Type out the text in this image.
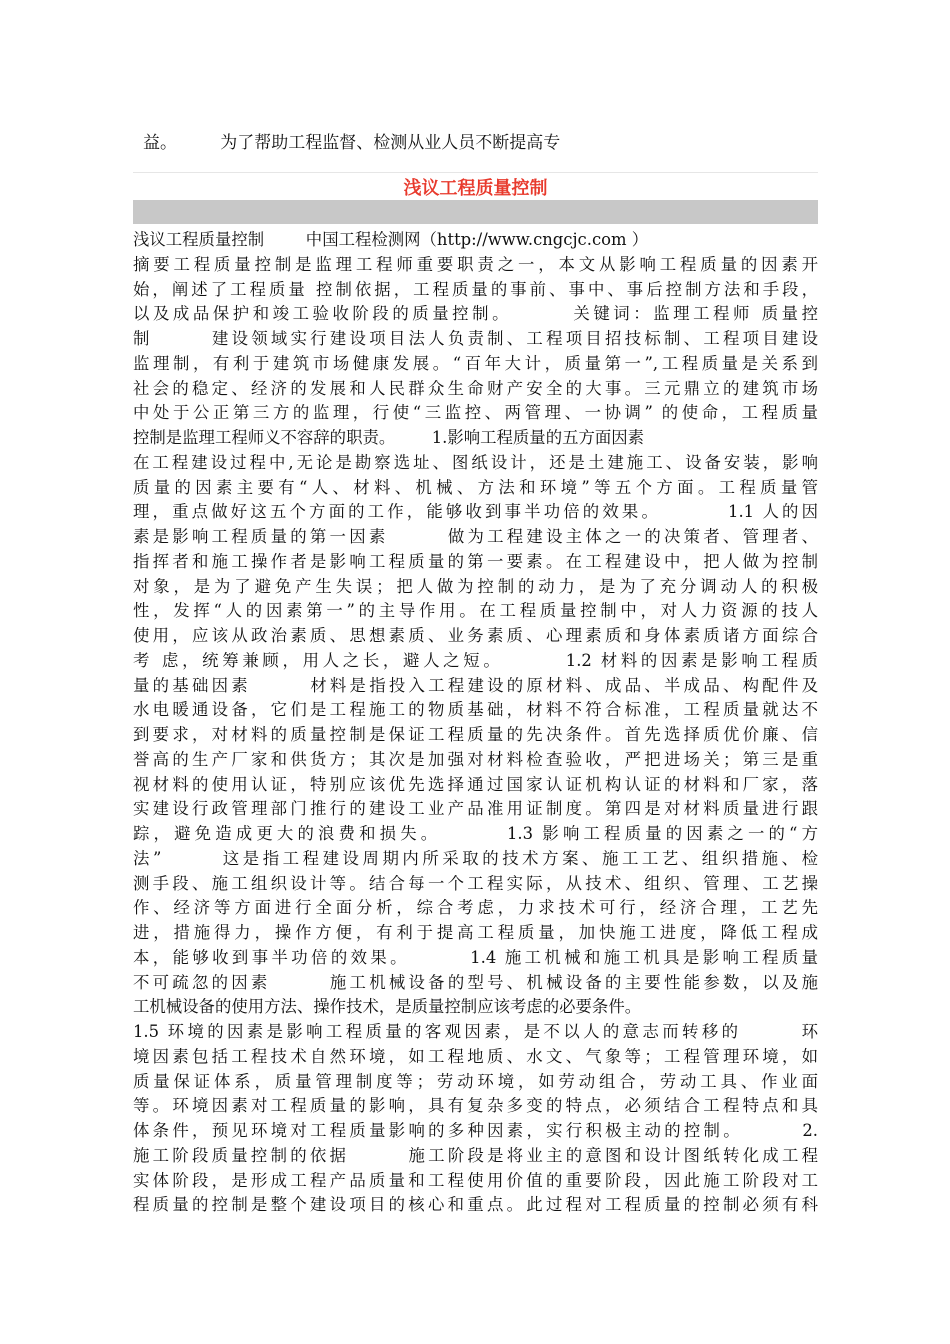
益。        为了帮助工程监督、检测从业人员不断提高专
浅议工程质量控制
浅议工程质量控制        中国工程检测网（http://www.cngcjc.com ）
摘要工程质量控制是监理工程师重要职责之一，本文从影响工程质量的因素开
始，阐述了工程质量 控制依据，工程质量的事前、事中、事后控制方法和手段，
以及成品保护和竣工验收阶段的质量控制。       关键词：监理工程师 质量控
制       建设领域实行建设项目法人负责制、工程项目招技标制、工程项目建设
监理制，有利于建筑市场健康发展。“百年大计，质量第一”,工程质量是关系到
社会的稳定、经济的发展和人民群众生命财产安全的大事。三元鼎立的建筑市场
中处于公正第三方的监理，行使“三监控、两管理、一协调” 的使命，工程质量
控制是监理工程师义不容辞的职责。       1.影响工程质量的五方面因素
在工程建设过程中,无论是勘察选址、图纸设计，还是土建施工、设备安装，影响
质量的因素主要有“人、材料、机械、方法和环境”等五个方面。工程质量管
理，重点做好这五个方面的工作，能够收到事半功倍的效果。        1.1 人的因
素是影响工程质量的第一因素       做为工程建设主体之一的决策者、管理者、
指挥者和施工操作者是影响工程质量的第一要素。在工程建设中，把人做为控制
对象，是为了避免产生失误；把人做为控制的动力，是为了充分调动人的积极
性，发挥“人的因素第一”的主导作用。在工程质量控制中，对人力资源的技人
使用，应该从政治素质、思想素质、业务素质、心理素质和身体素质诸方面综合
考 虑，统筹兼顾，用人之长，避人之短。       1.2 材料的因素是影响工程质
量的基础因素       材料是指投入工程建设的原材料、成品、半成品、构配件及
水电暖通设备，它们是工程施工的物质基础，材料不符合标准，工程质量就达不
到要求，对材料的质量控制是保证工程质量的先决条件。首先选择质优价廉、信
誉高的生产厂家和供货方；其次是加强对材料检查验收，严把进场关；第三是重
视材料的使用认证，特别应该优先选择通过国家认证机构认证的材料和厂家，落
实建设行政管理部门推行的建设工业产品准用证制度。第四是对材料质量进行跟
踪，避免造成更大的浪费和损失。       1.3 影响工程质量的因素之一的“方
法”       这是指工程建设周期内所采取的技术方案、施工工艺、组织措施、检
测手段、施工组织设计等。结合每一个工程实际，从技术、组织、管理、工艺操
作、经济等方面进行全面分析，综合考虑，力求技术可行，经济合理，工艺先
进，措施得力，操作方便，有利于提高工程质量，加快施工进度，降低工程成
本，能够收到事半功倍的效果。       1.4 施工机械和施工机具是影响工程质量
不可疏忽的因素       施工机械设备的型号、机械设备的主要性能参数，以及施
工机械设备的使用方法、操作技术，是质量控制应该考虑的必要条件。
1.5 环境的因素是影响工程质量的客观因素，是不以人的意志而转移的       环
境因素包括工程技术自然环境，如工程地质、水文、气象等；工程管理环境，如
质量保证体系，质量管理制度等；劳动环境，如劳动组合，劳动工具、作业面
等。环境因素对工程质量的影响，具有复杂多变的特点，必须结合工程特点和具
体条件，预见环境对工程质量影响的多种因素，实行积极主动的控制。       2.
施工阶段质量控制的依据       施工阶段是将业主的意图和设计图纸转化成工程
实体阶段，是形成工程产品质量和工程使用价值的重要阶段，因此施工阶段对工
程质量的控制是整个建设项目的核心和重点。此过程对工程质量的控制必须有科
